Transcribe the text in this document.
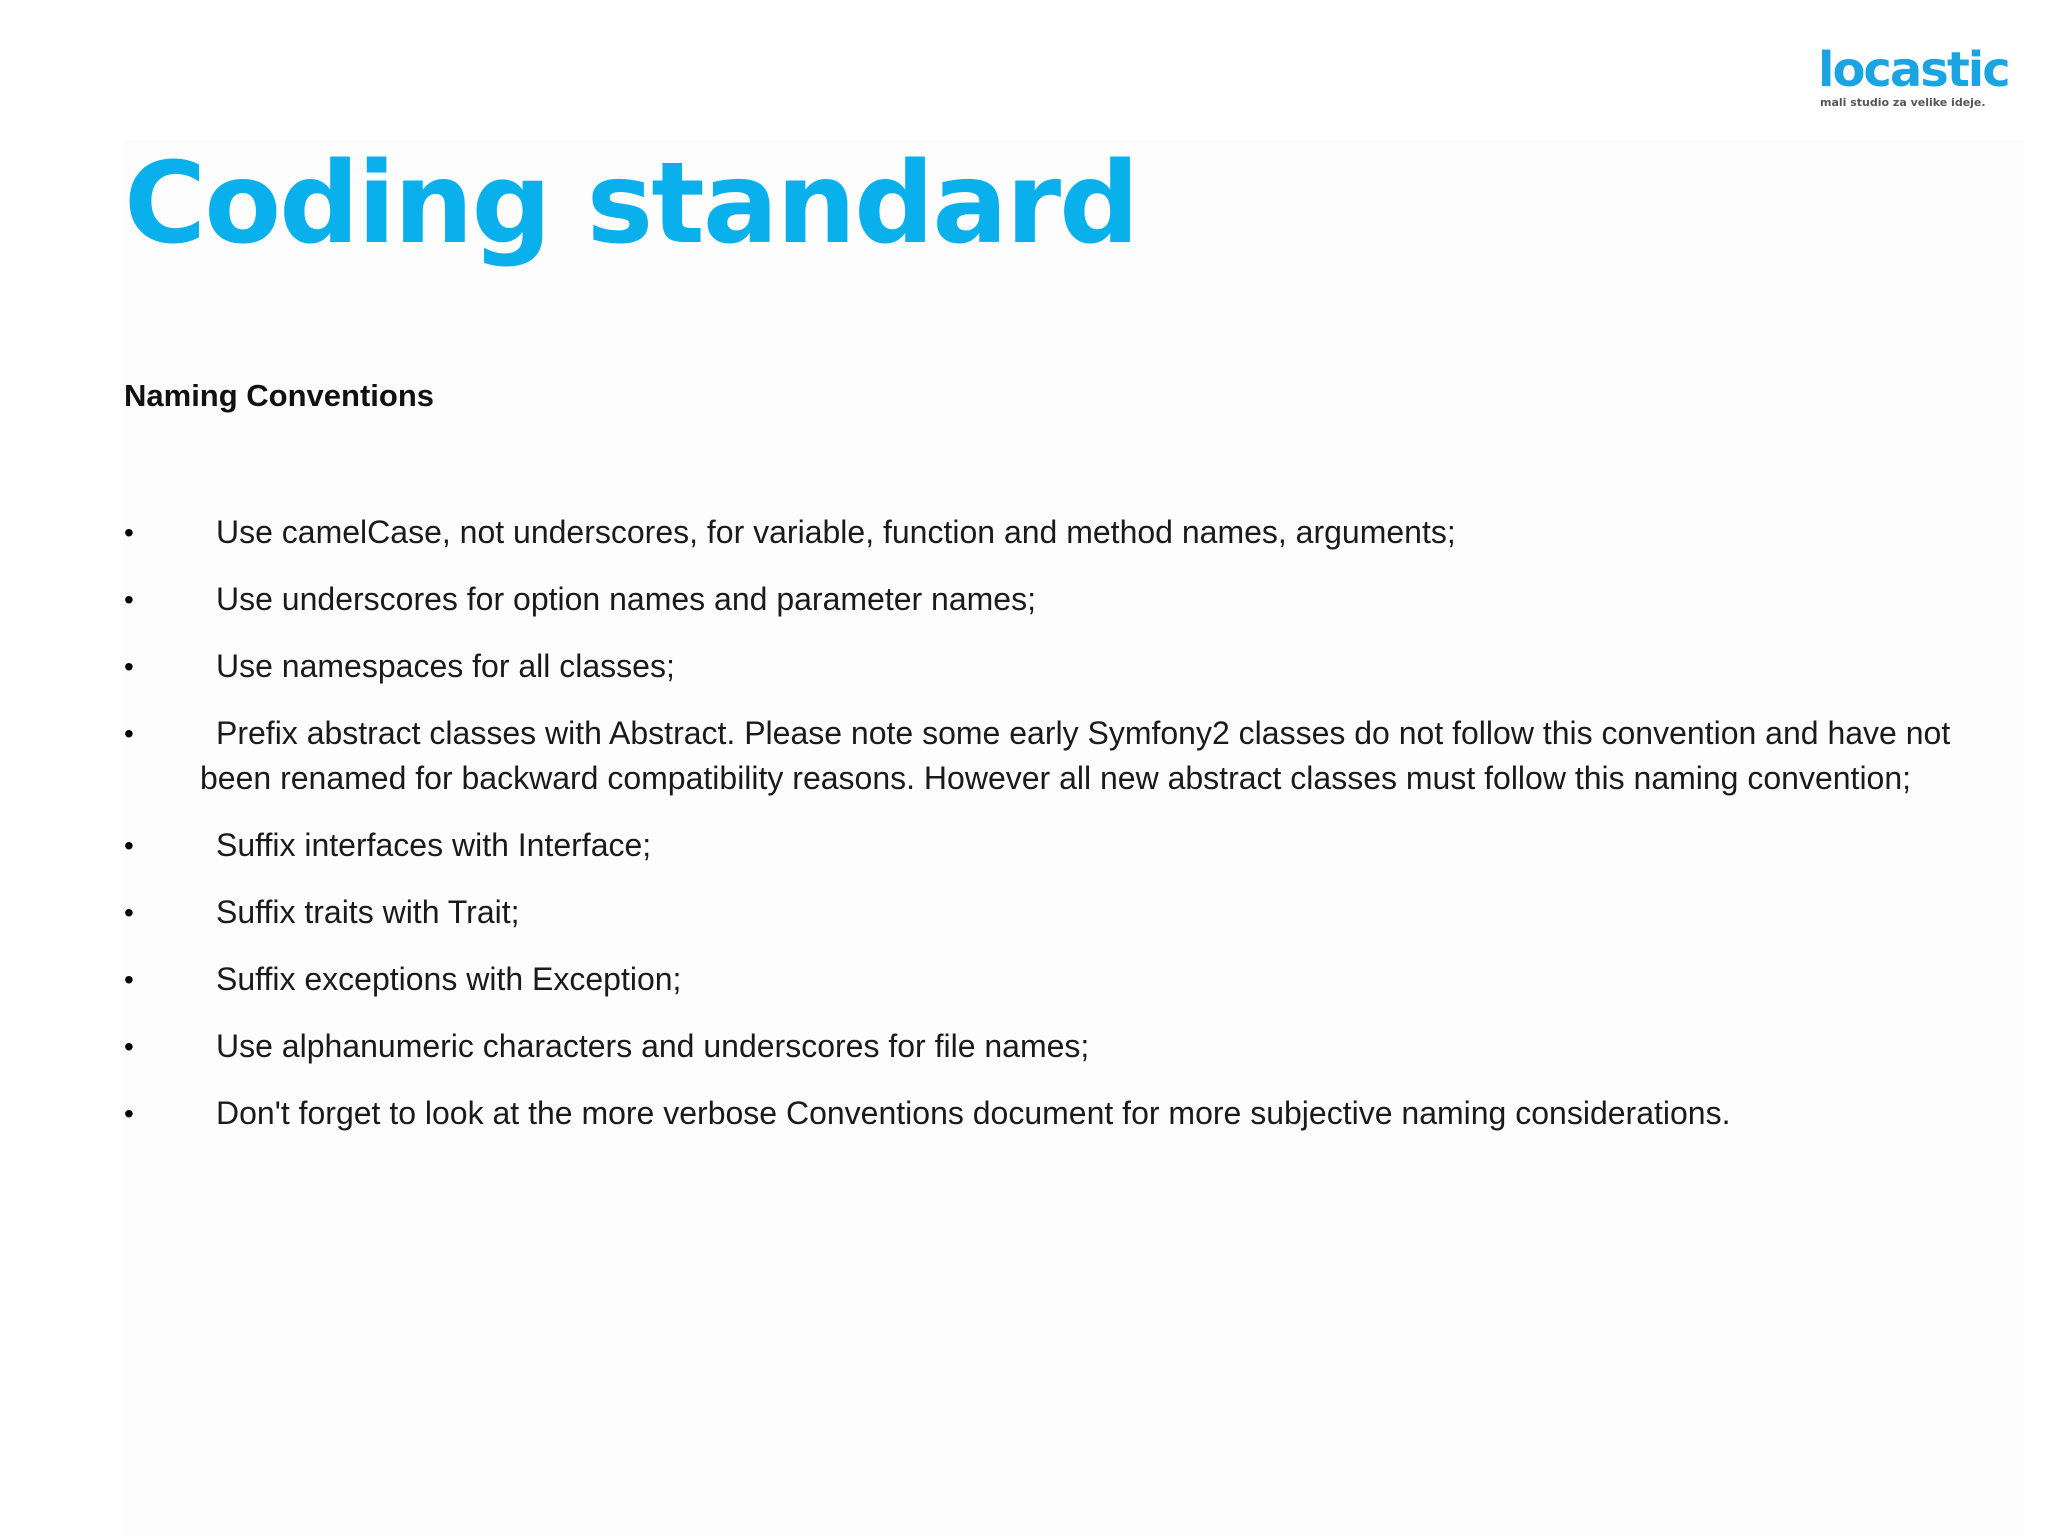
locastic
mali studio za velike ideje.
Coding standard
Naming Conventions
•	Use camelCase, not underscores, for variable, function and method names, arguments;
•	Use underscores for option names and parameter names;
•	Use namespaces for all classes;
•	Prefix abstract classes with Abstract. Please note some early Symfony2 classes do not follow this convention and have not been renamed for backward compatibility reasons. However all new abstract classes must follow this naming convention;
•	Suffix interfaces with Interface;
•	Suffix traits with Trait;
•	Suffix exceptions with Exception;
•	Use alphanumeric characters and underscores for file names;
•	Don't forget to look at the more verbose Conventions document for more subjective naming considerations.
